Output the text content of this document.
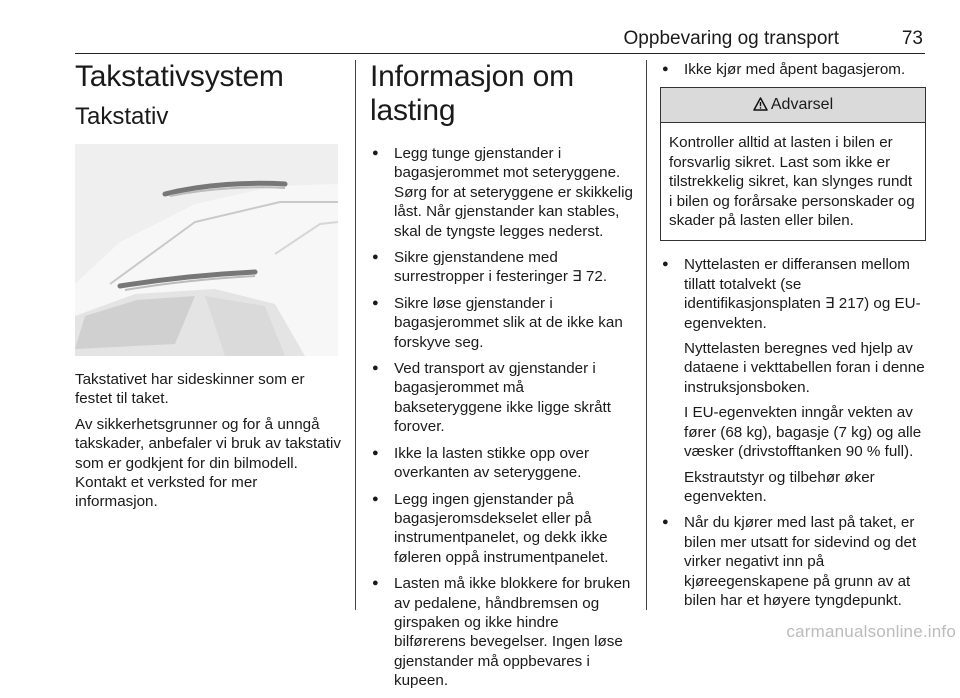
Oppbevaring og transport	73
Takstativsystem
Takstativ

Takstativet har sideskinner som er festet til taket.

Av sikkerhetsgrunner og for å unngå takskader, anbefaler vi bruk av takstativ som er godkjent for din bilmodell. Kontakt et verksted for mer informasjon.

Informasjon om lasting
● Legg tunge gjenstander i bagasjerommet mot seteryggene. Sørg for at seteryggene er skikkelig låst. Når gjenstander kan stables, skal de tyngste legges nederst.
● Sikre gjenstandene med surrestropper i festeringer ∃ 72.
● Sikre løse gjenstander i bagasjerommet slik at de ikke kan forskyve seg.
● Ved transport av gjenstander i bagasjerommet må bakseteryggene ikke ligge skrått forover.
● Ikke la lasten stikke opp over overkanten av seteryggene.
● Legg ingen gjenstander på bagasjeromsdekselet eller på instrumentpanelet, og dekk ikke føleren oppå instrumentpanelet.
● Lasten må ikke blokkere for bruken av pedalene, håndbremsen og girspaken og ikke hindre bilførerens bevegelser. Ingen løse gjenstander må oppbevares i kupeen.
● Ikke kjør med åpent bagasjerom.
Advarsel
Kontroller alltid at lasten i bilen er forsvarlig sikret. Last som ikke er tilstrekkelig sikret, kan slynges rundt i bilen og forårsake personskader og skader på lasten eller bilen.
● Nyttelasten er differansen mellom tillatt totalvekt (se identifikasjonsplaten ∃ 217) og EU-egenvekten.
Nyttelasten beregnes ved hjelp av dataene i vekttabellen foran i denne instruksjonsboken.
I EU-egenvekten inngår vekten av fører (68 kg), bagasje (7 kg) og alle væsker (drivstofftanken 90 % full).
Ekstrautstyr og tilbehør øker egenvekten.
● Når du kjører med last på taket, er bilen mer utsatt for sidevind og det virker negativt inn på kjøreegenskapene på grunn av at bilen har et høyere tyngdepunkt.
carmanualsonline.info
